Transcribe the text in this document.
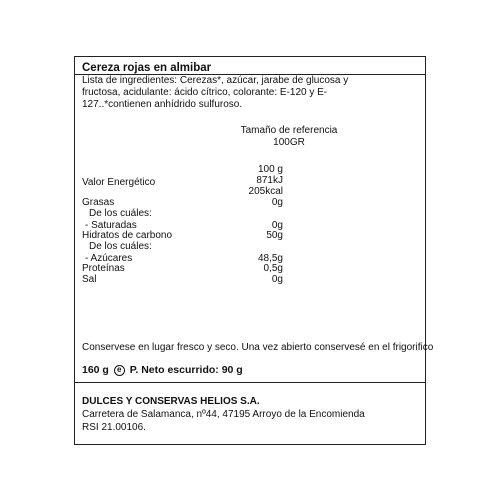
Cereza rojas en almibar
Lista de ingredientes: Cerezas*, azúcar, jarabe de glucosa y fructosa, acidulante: ácido cítrico, colorante: E-120 y E-127..*contienen anhídrido sulfuroso.
Tamaño de referencia
100GR
100 g
Valor Energético	871kJ
205kcal
Grasas	0g
De los cuáles:
- Saturadas	0g
Hidratos de carbono	50g
De los cuáles:
- Azúcares	48,5g
Proteínas	0,5g
Sal	0g
Conservese en lugar fresco y seco. Una vez abierto conservesé en el frigorifico
160 g e P. Neto escurrido: 90 g
DULCES Y CONSERVAS HELIOS S.A.
Carretera de Salamanca, nº44, 47195 Arroyo de la Encomienda
RSI 21.00106.
